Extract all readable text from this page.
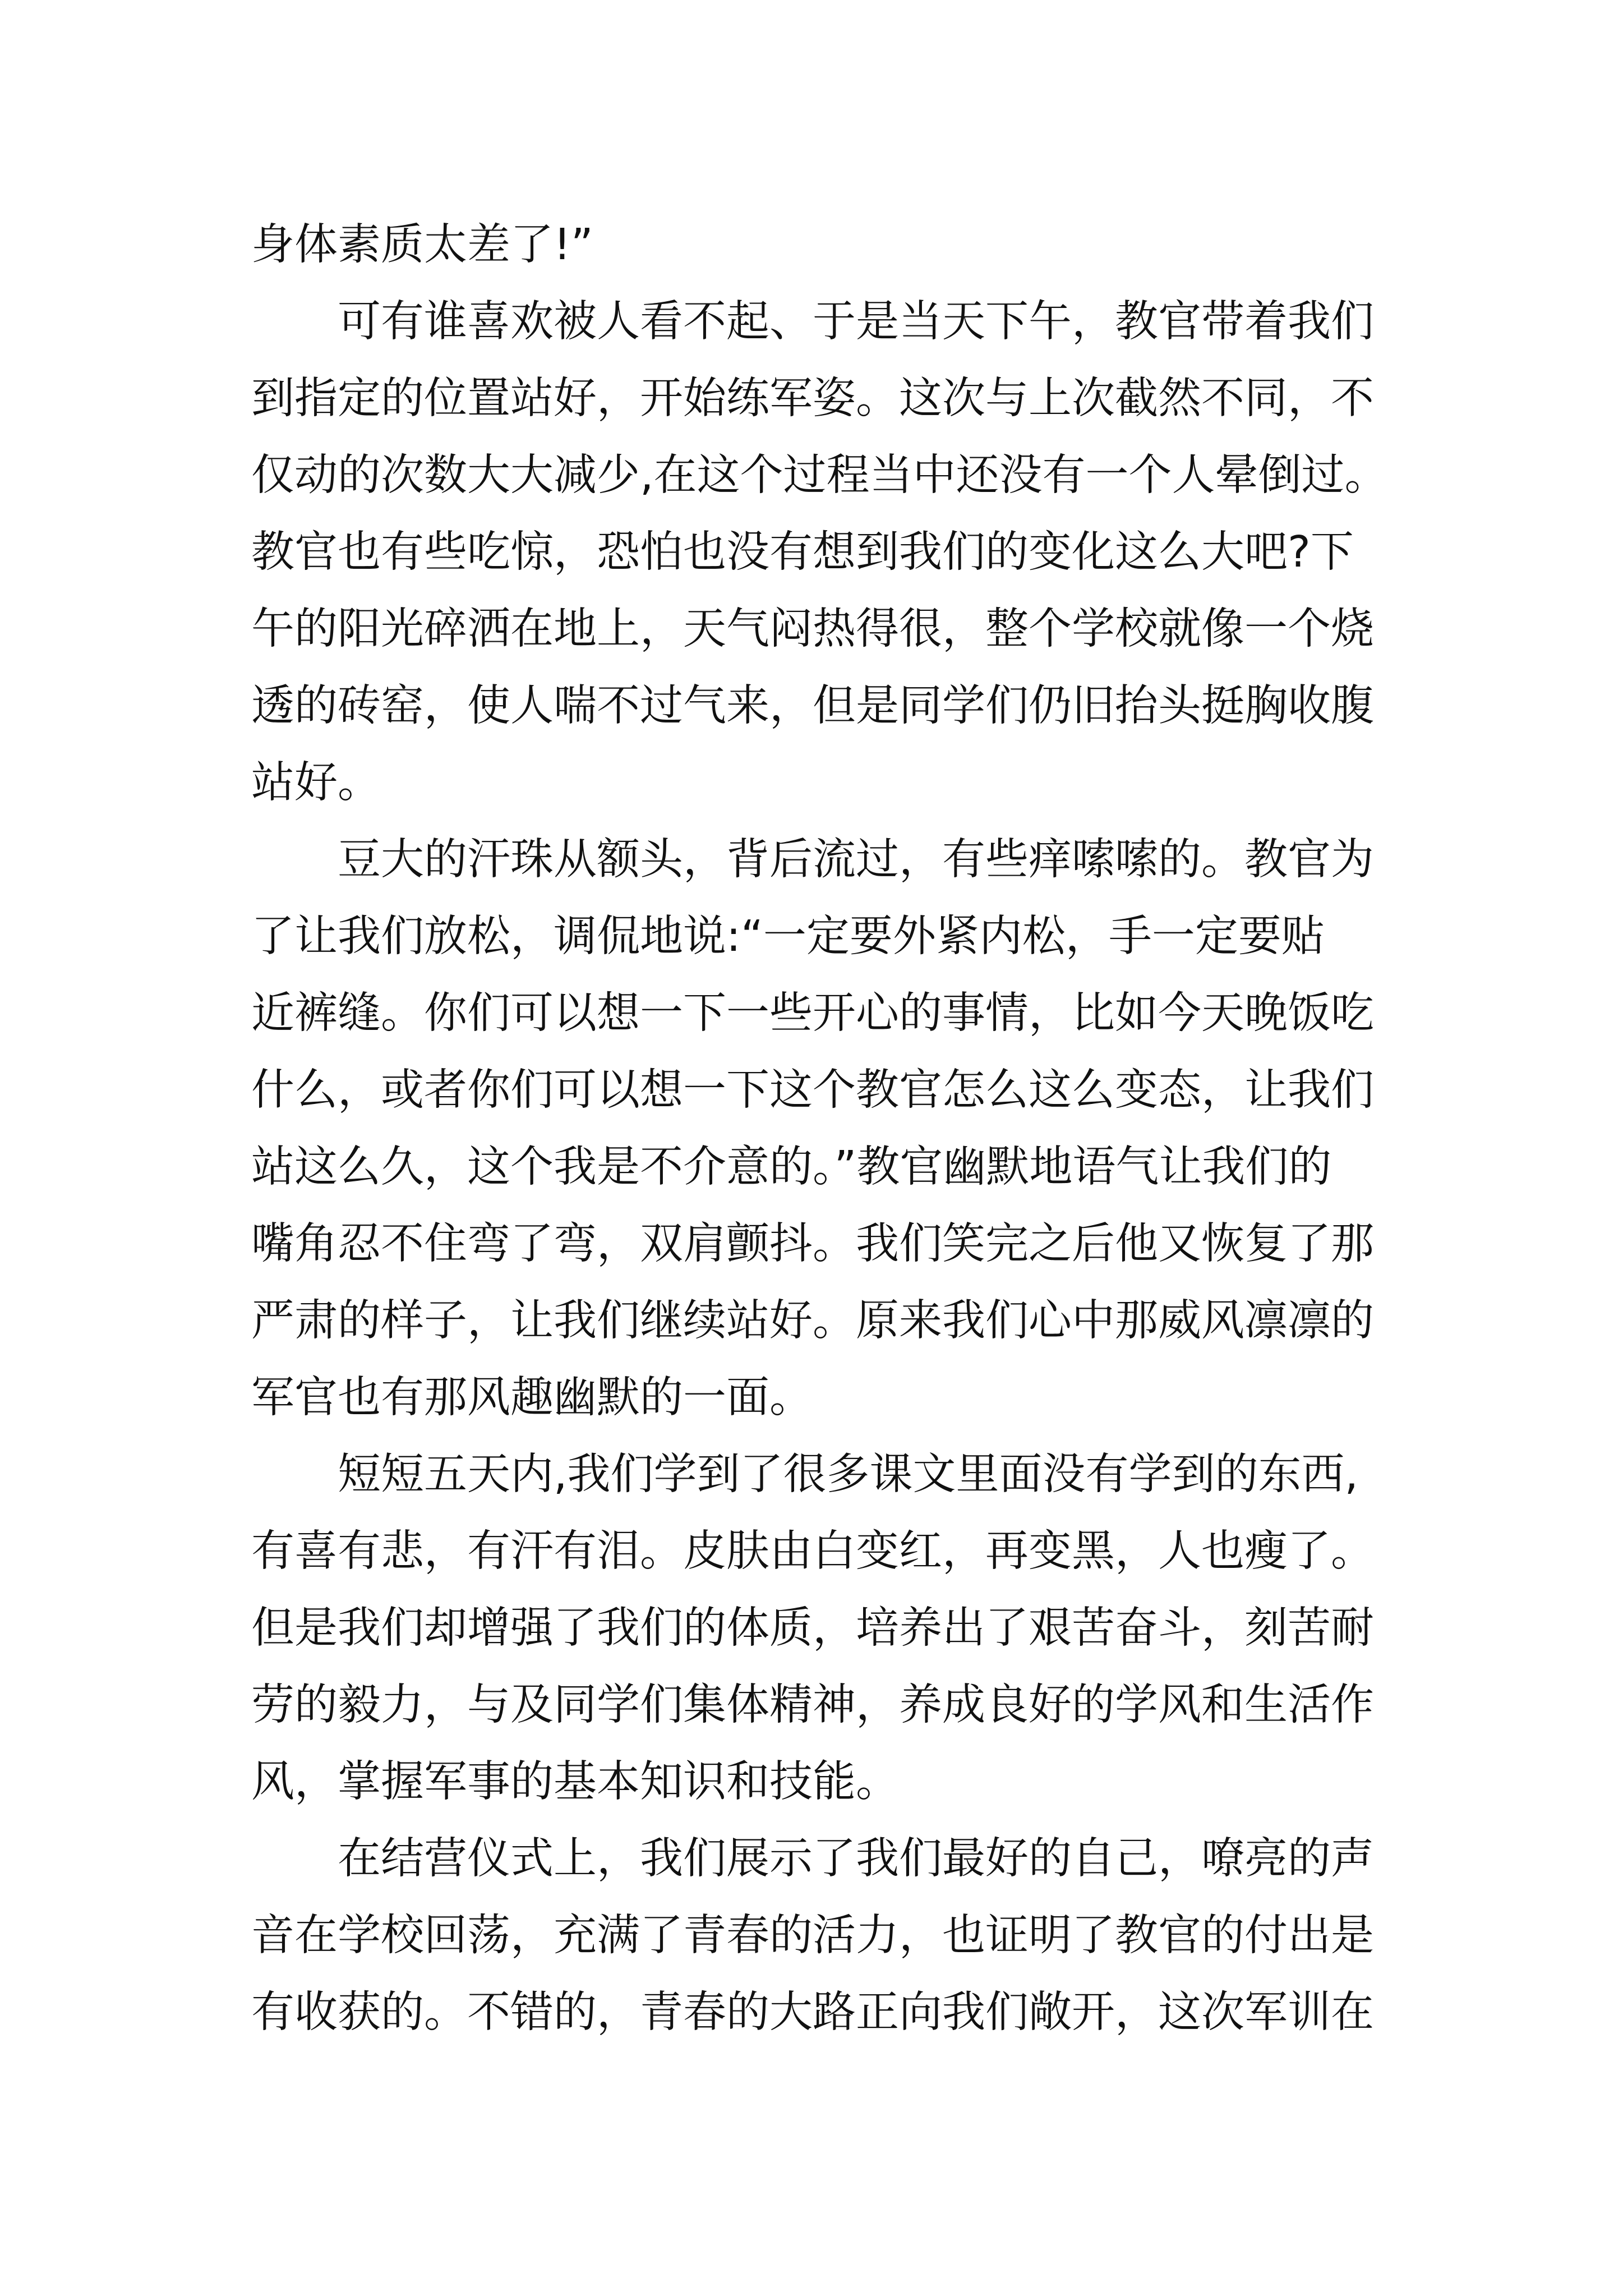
身体素质太差了!”

可有谁喜欢被人看不起、于是当天下午，教官带着我们
到指定的位置站好，开始练军姿。这次与上次截然不同，不
仅动的次数大大减少,在这个过程当中还没有一个人晕倒过。
教官也有些吃惊，恐怕也没有想到我们的变化这么大吧?下
午的阳光碎洒在地上，天气闷热得很，整个学校就像一个烧
透的砖窑，使人喘不过气来，但是同学们仍旧抬头挺胸收腹
站好。

豆大的汗珠从额头，背后流过，有些痒嗦嗦的。教官为
了让我们放松，调侃地说:“一定要外紧内松，手一定要贴
近裤缝。你们可以想一下一些开心的事情，比如今天晚饭吃
什么，或者你们可以想一下这个教官怎么这么变态，让我们
站这么久，这个我是不介意的。”教官幽默地语气让我们的
嘴角忍不住弯了弯，双肩颤抖。我们笑完之后他又恢复了那
严肃的样子，让我们继续站好。原来我们心中那威风凛凛的
军官也有那风趣幽默的一面。

短短五天内,我们学到了很多课文里面没有学到的东西,
有喜有悲，有汗有泪。皮肤由白变红，再变黑，人也瘦了。
但是我们却增强了我们的体质，培养出了艰苦奋斗，刻苦耐
劳的毅力，与及同学们集体精神，养成良好的学风和生活作
风，掌握军事的基本知识和技能。

在结营仪式上，我们展示了我们最好的自己，嘹亮的声
音在学校回荡，充满了青春的活力，也证明了教官的付出是
有收获的。不错的，青春的大路正向我们敞开，这次军训在
